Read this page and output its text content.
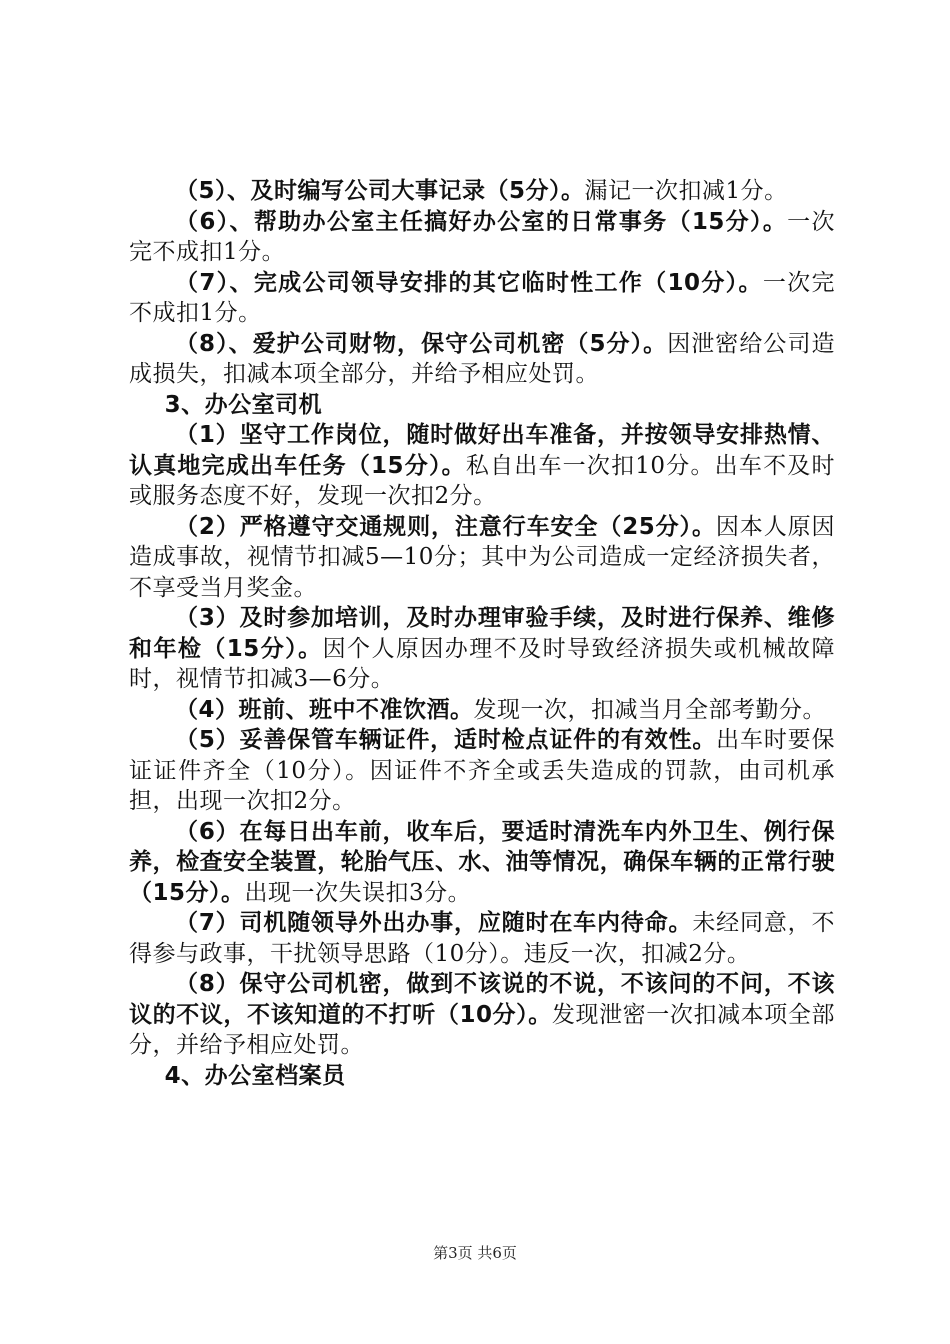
（5）、及时编写公司大事记录（5分）。漏记一次扣减1分。

（6）、帮助办公室主任搞好办公室的日常事务（15分）。一次完不成扣1分。

（7）、完成公司领导安排的其它临时性工作（10分）。一次完不成扣1分。

（8）、爱护公司财物，保守公司机密（5分）。因泄密给公司造成损失，扣减本项全部分，并给予相应处罚。

3、办公室司机

（1）坚守工作岗位，随时做好出车准备，并按领导安排热情、认真地完成出车任务（15分）。私自出车一次扣10分。出车不及时或服务态度不好，发现一次扣2分。

（2）严格遵守交通规则，注意行车安全（25分）。因本人原因造成事故，视情节扣减5—10分；其中为公司造成一定经济损失者，不享受当月奖金。

（3）及时参加培训，及时办理审验手续，及时进行保养、维修和年检（15分）。因个人原因办理不及时导致经济损失或机械故障时，视情节扣减3—6分。

（4）班前、班中不准饮酒。发现一次，扣减当月全部考勤分。

（5）妥善保管车辆证件，适时检点证件的有效性。出车时要保证证件齐全（10分）。因证件不齐全或丢失造成的罚款，由司机承担，出现一次扣2分。

（6）在每日出车前，收车后，要适时清洗车内外卫生、例行保养，检查安全装置，轮胎气压、水、油等情况，确保车辆的正常行驶（15分）。出现一次失误扣3分。

（7）司机随领导外出办事，应随时在车内待命。未经同意，不得参与政事，干扰领导思路（10分）。违反一次，扣减2分。

（8）保守公司机密，做到不该说的不说，不该问的不问，不该议的不议，不该知道的不打听（10分）。发现泄密一次扣减本项全部分，并给予相应处罚。

4、办公室档案员

第3页 共6页
